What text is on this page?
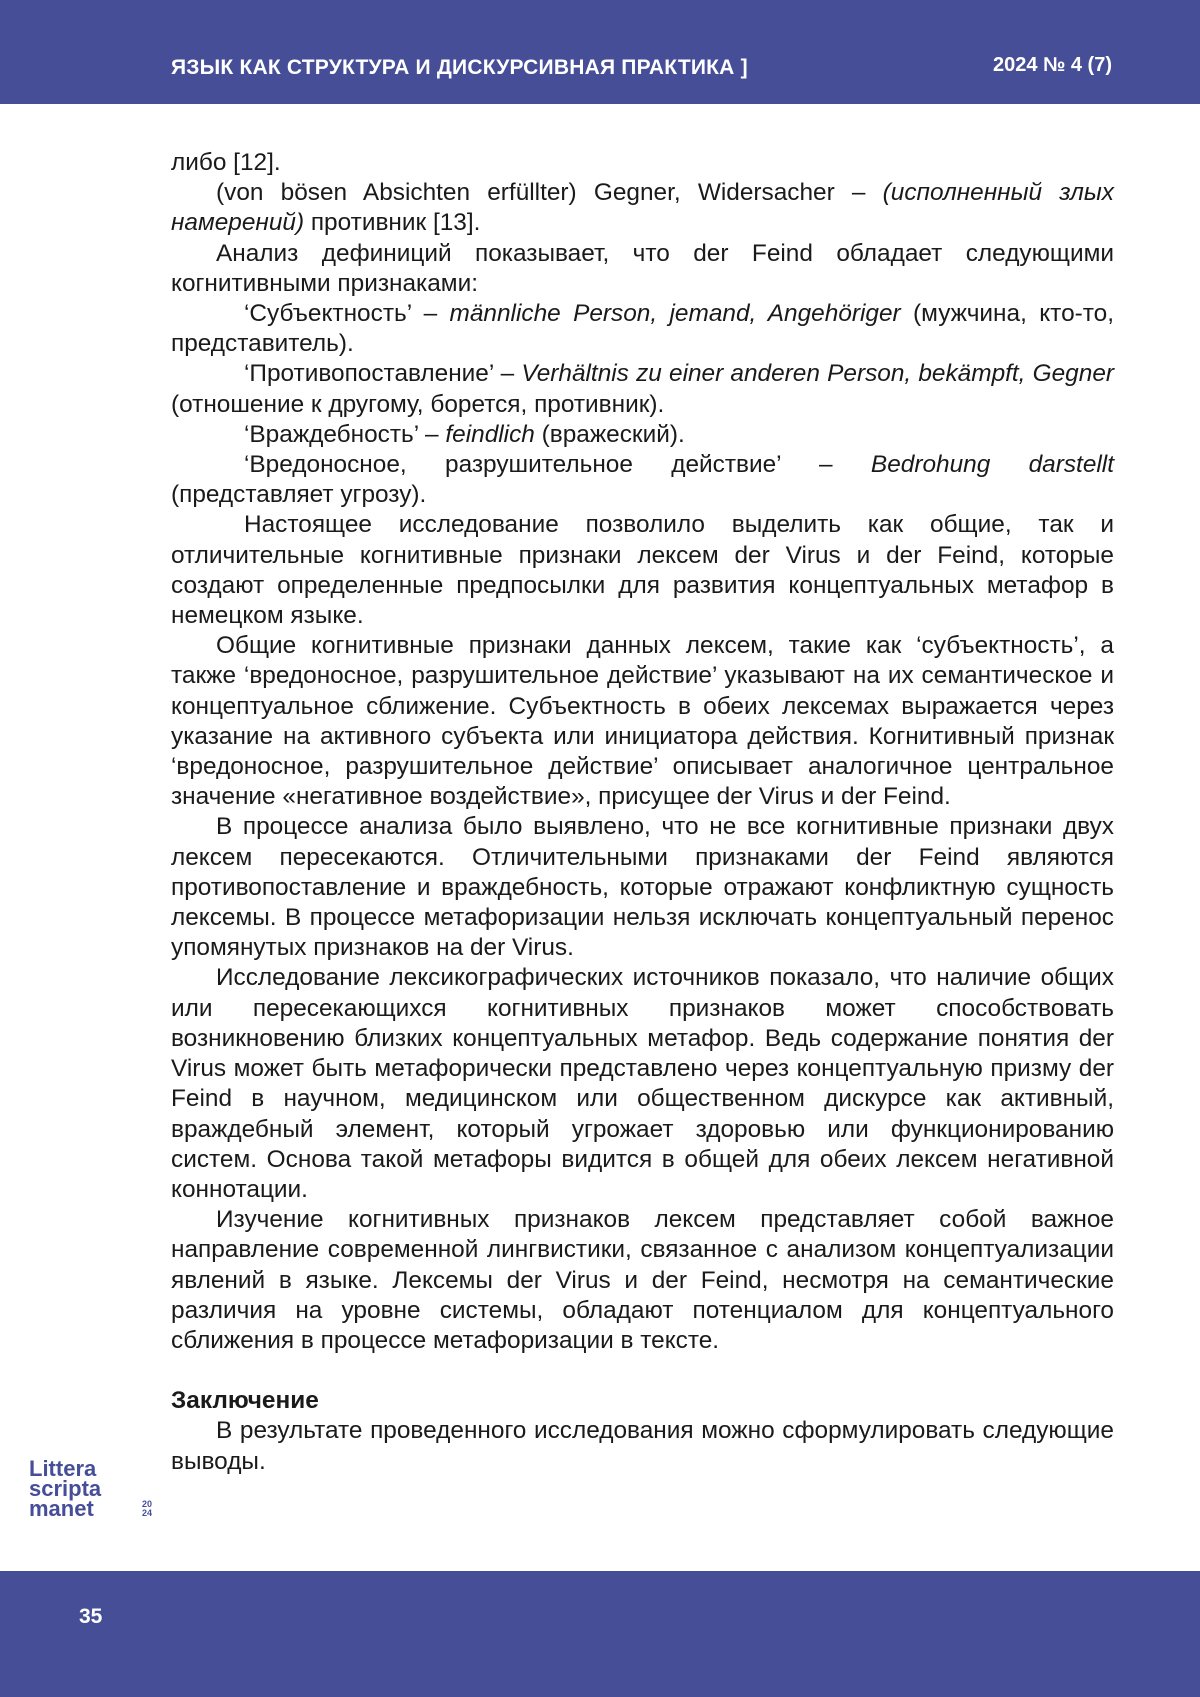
ЯЗЫК КАК СТРУКТУРА И ДИСКУРСИВНАЯ ПРАКТИКА ]	2024 № 4 (7)

либо [12].

(von bösen Absichten erfüllter) Gegner, Widersacher – (исполненный злых намерений) противник [13].

Анализ дефиниций показывает, что der Feind обладает следующими когнитивными признаками:

‘Субъектность’ – männliche Person, jemand, Angehöriger (мужчина, кто-то, представитель).

‘Противопоставление’ – Verhältnis zu einer anderen Person, bekämpft, Gegner (отношение к другому, борется, противник).

‘Враждебность’ – feindlich (вражеский).

‘Вредоносное, разрушительное действие’ – Bedrohung darstellt (представляет угрозу).

Настоящее исследование позволило выделить как общие, так и отличительные когнитивные признаки лексем der Virus и der Feind, которые создают определенные предпосылки для развития концептуальных метафор в немецком языке.

Общие когнитивные признаки данных лексем, такие как ‘субъектность’, а также ‘вредоносное, разрушительное действие’ указывают на их семантическое и концептуальное сближение. Субъектность в обеих лексемах выражается через указание на активного субъекта или инициатора действия. Когнитивный признак ‘вредоносное, разрушительное действие’ описывает аналогичное центральное значение «негативное воздействие», присущее der Virus и der Feind.

В процессе анализа было выявлено, что не все когнитивные признаки двух лексем пересекаются. Отличительными признаками der Feind являются противопоставление и враждебность, которые отражают конфликтную сущность лексемы. В процессе метафоризации нельзя исключать концептуальный перенос упомянутых признаков на der Virus.

Исследование лексикографических источников показало, что наличие общих или пересекающихся когнитивных признаков может способствовать возникновению близких концептуальных метафор. Ведь содержание понятия der Virus может быть метафорически представлено через концептуальную призму der Feind в научном, медицинском или общественном дискурсе как активный, враждебный элемент, который угрожает здоровью или функционированию систем. Основа такой метафоры видится в общей для обеих лексем негативной коннотации.

Изучение когнитивных признаков лексем представляет собой важное направление современной лингвистики, связанное с анализом концептуализации явлений в языке. Лексемы der Virus и der Feind, несмотря на семантические различия на уровне системы, обладают потенциалом для концептуального сближения в процессе метафоризации в тексте.

Заключение

В результате проведенного исследования можно сформулировать следующие выводы.

Littera
scripta
manet	20
24
35
